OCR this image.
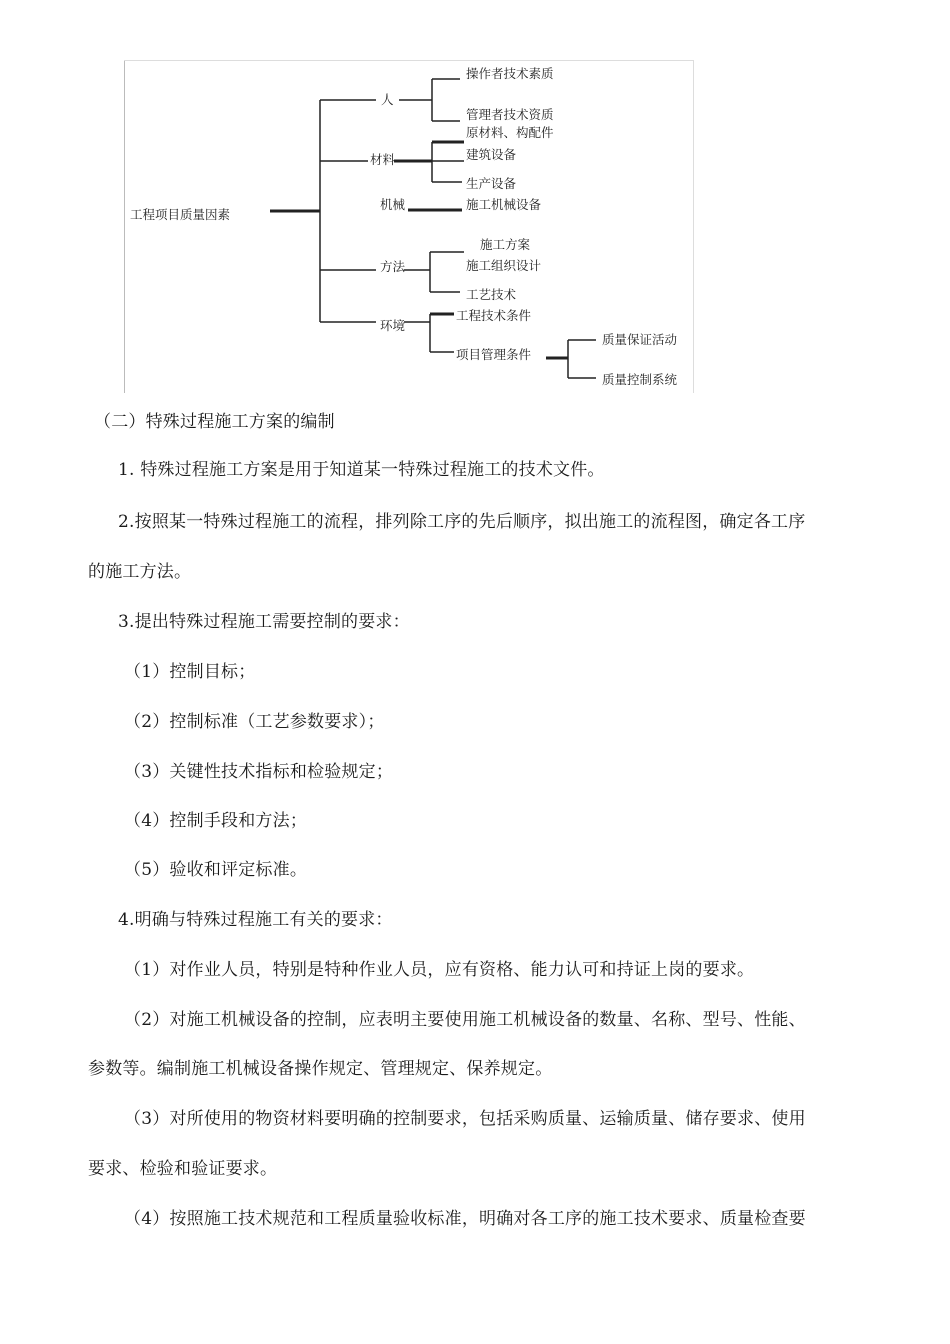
工程项目质量因素
人
操作者技术素质
管理者技术资质
材料
原材料、构配件
建筑设备
生产设备
机械	施工机械设备
方法
施工方案
施工组织设计
工艺技术
环境
工程技术条件
项目管理条件
质量保证活动
质量控制系统
（二）特殊过程施工方案的编制
1. 特殊过程施工方案是用于知道某一特殊过程施工的技术文件。
2.按照某一特殊过程施工的流程，排列除工序的先后顺序，拟出施工的流程图，确定各工序
的施工方法。
3.提出特殊过程施工需要控制的要求：
（1）控制目标；
（2）控制标准（工艺参数要求）；
（3）关键性技术指标和检验规定；
（4）控制手段和方法；
（5）验收和评定标准。
4.明确与特殊过程施工有关的要求：
（1）对作业人员，特别是特种作业人员，应有资格、能力认可和持证上岗的要求。
（2）对施工机械设备的控制，应表明主要使用施工机械设备的数量、名称、型号、性能、
参数等。编制施工机械设备操作规定、管理规定、保养规定。
（3）对所使用的物资材料要明确的控制要求，包括采购质量、运输质量、储存要求、使用
要求、检验和验证要求。
（4）按照施工技术规范和工程质量验收标准，明确对各工序的施工技术要求、质量检查要
